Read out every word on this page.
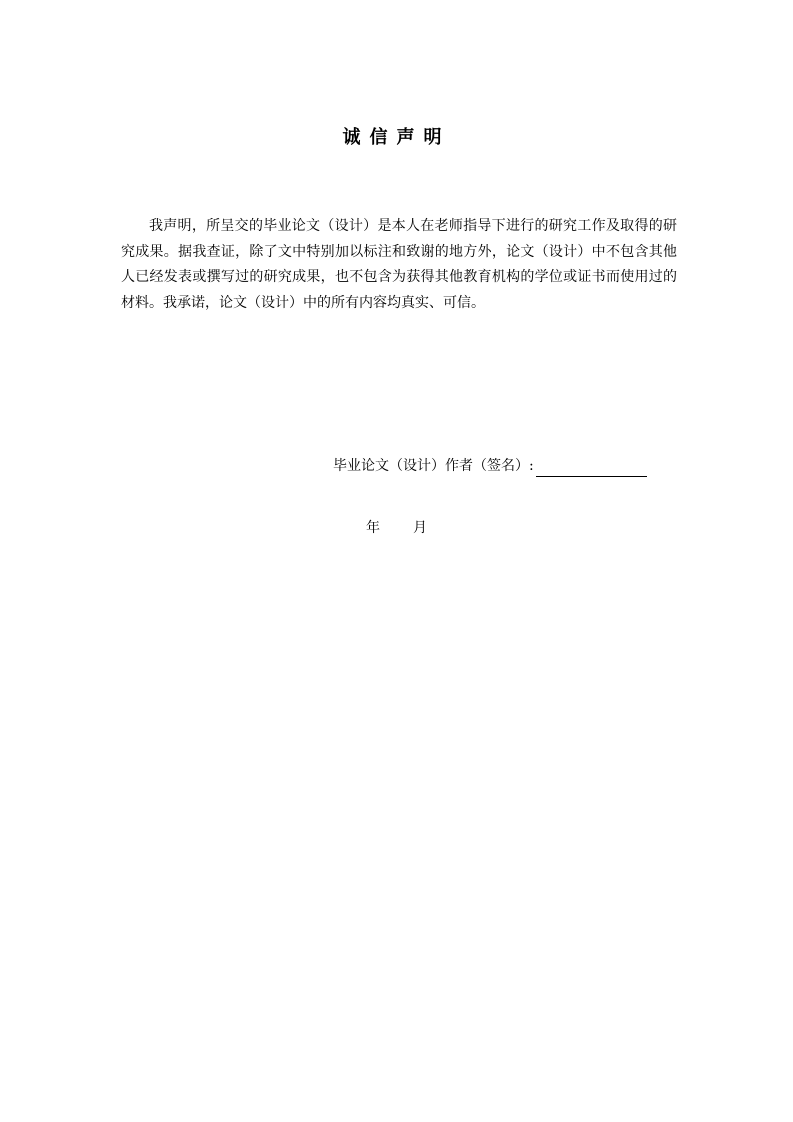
诚信声明

我声明，所呈交的毕业论文（设计）是本人在老师指导下进行的研究工作及取得的研究成果。据我查证，除了文中特别加以标注和致谢的地方外，论文（设计）中不包含其他人已经发表或撰写过的研究成果，也不包含为获得其他教育机构的学位或证书而使用过的材料。我承诺，论文（设计）中的所有内容均真实、可信。

毕业论文（设计）作者（签名）:
年 月
